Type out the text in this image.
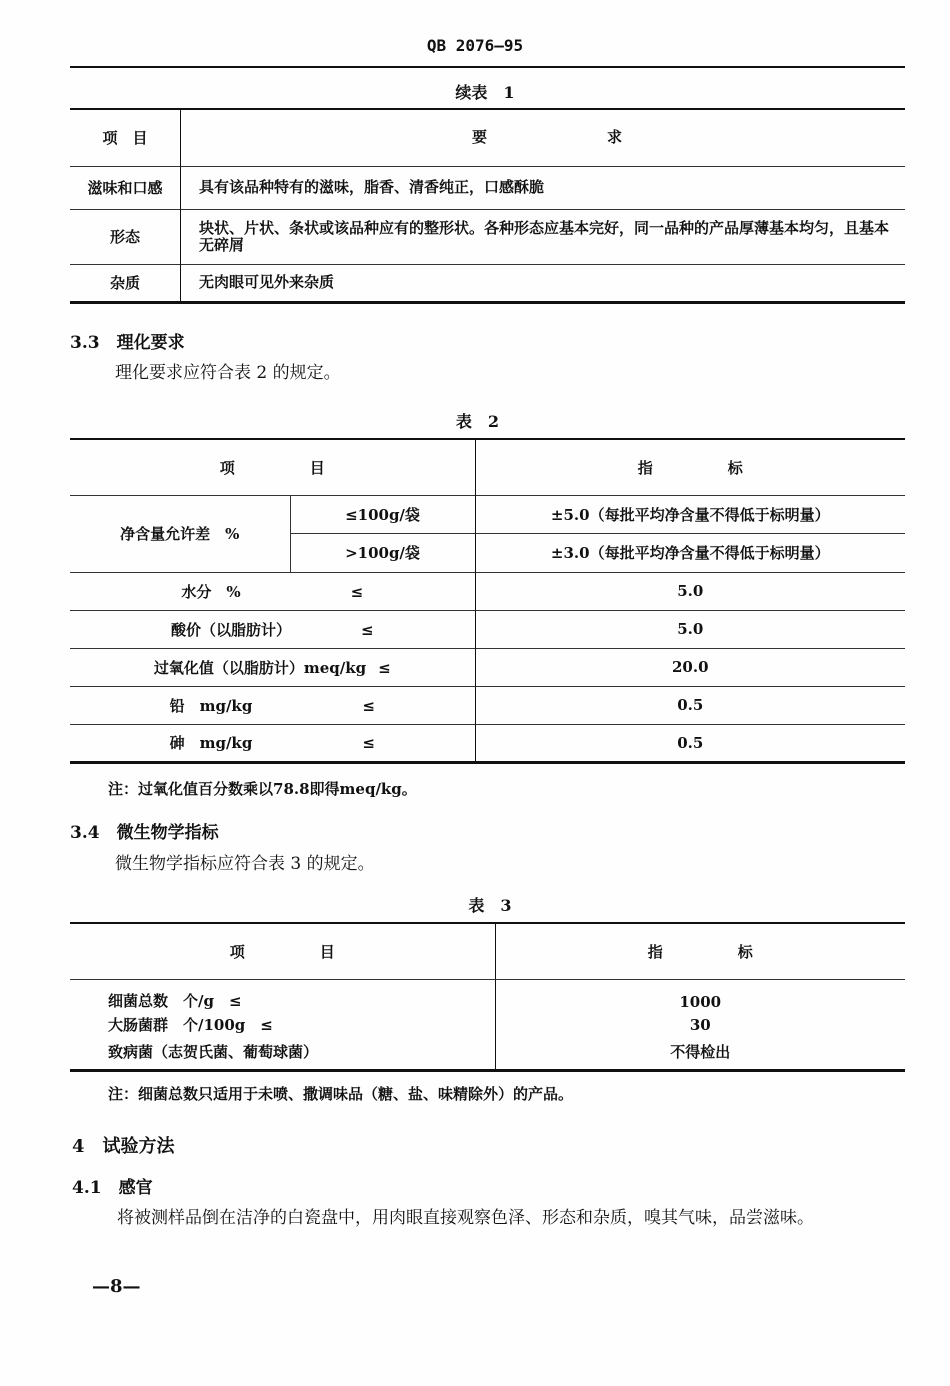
QB 2076—95
续表　1
项　目	要　　　　　　　　求
滋味和口感	具有该品种特有的滋味，脂香、清香纯正，口感酥脆
形态	块状、片状、条状或该品种应有的整形状。各种形态应基本完好，同一品种的产品厚薄基本均匀，且基本无碎屑
杂质	无肉眼可见外来杂质
3.3　理化要求
理化要求应符合表 2 的规定。
表　2
项　　　　　目		指　　　　　标
净含量允许差　%	≤100g/袋	±5.0（每批平均净含量不得低于标明量）
	>100g/袋	±3.0（每批平均净含量不得低于标明量）
水分　% ≤		5.0
酸价（以脂肪计） ≤		5.0
过氧化值（以脂肪计）meq/kg ≤		20.0
铅　mg/kg ≤		0.5
砷　mg/kg ≤		0.5
注：过氧化值百分数乘以78.8即得meq/kg。
3.4　微生物学指标
微生物学指标应符合表 3 的规定。
表　3
项　　　　　目	指　　　　　标
细菌总数　个/g　≤	1000
大肠菌群　个/100g　≤	30
致病菌（志贺氏菌、葡萄球菌）	不得检出
注：细菌总数只适用于未喷、撒调味品（糖、盐、味精除外）的产品。
4　试验方法
4.1　感官
将被测样品倒在洁净的白瓷盘中，用肉眼直接观察色泽、形态和杂质，嗅其气味，品尝滋味。
—8—
